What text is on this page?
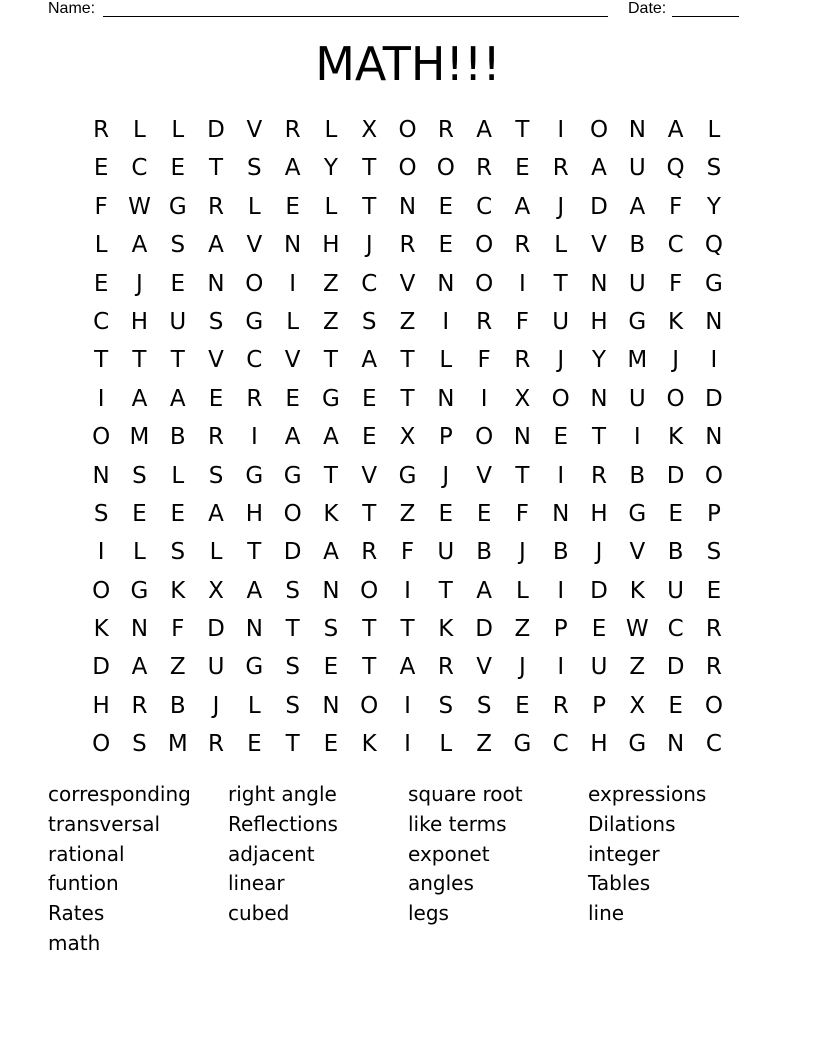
Name:	Date:
MATH!!!
R	L	L	D V R	L	X O R A	T	I	O N A	L
E C	E	T	S	A	Y	T O O R	E	R A U Q S
F W G R	L	E	L	T N E C A	J	D A	F	Y
L	A	S	A V N H	J	R	E O R	L	V B C Q
E	J	E N O	I	Z C V N O	I	T N U	F G
C H U S G L	Z	S	Z	I	R	F	U H G K N
T	T	T	V C V	T	A	T	L	F	R	J	Y M	J	I
I	A A	E	R	E G E	T N	I	X O N U O D
O M B R	I	A A	E	X	P O N E	T	I	K N
N S	L	S G G T	V G	J	V	T	I	R B D O
S	E	E	A H O K	T	Z	E	E	F	N H G E	P
I	L	S	L	T D A R	F	U B	J	B	J	V B	S
O G K X A	S N O	I	T	A	L	I	D K U E
K N	F D N T	S	T	T	K D Z	P	E W C R
D A Z U G S	E	T	A R V	J	I	U Z D R
H R B	J	L	S N O	I	S	S	E	R	P	X	E O
O S M R	E	T	E	K	I	L	Z G C H G N C
corresponding	right angle	square root	expressions
transversal	Reflections	like terms	Dilations
rational	adjacent	exponet	integer
funtion	linear	angles	Tables
Rates	cubed	legs	line
math
